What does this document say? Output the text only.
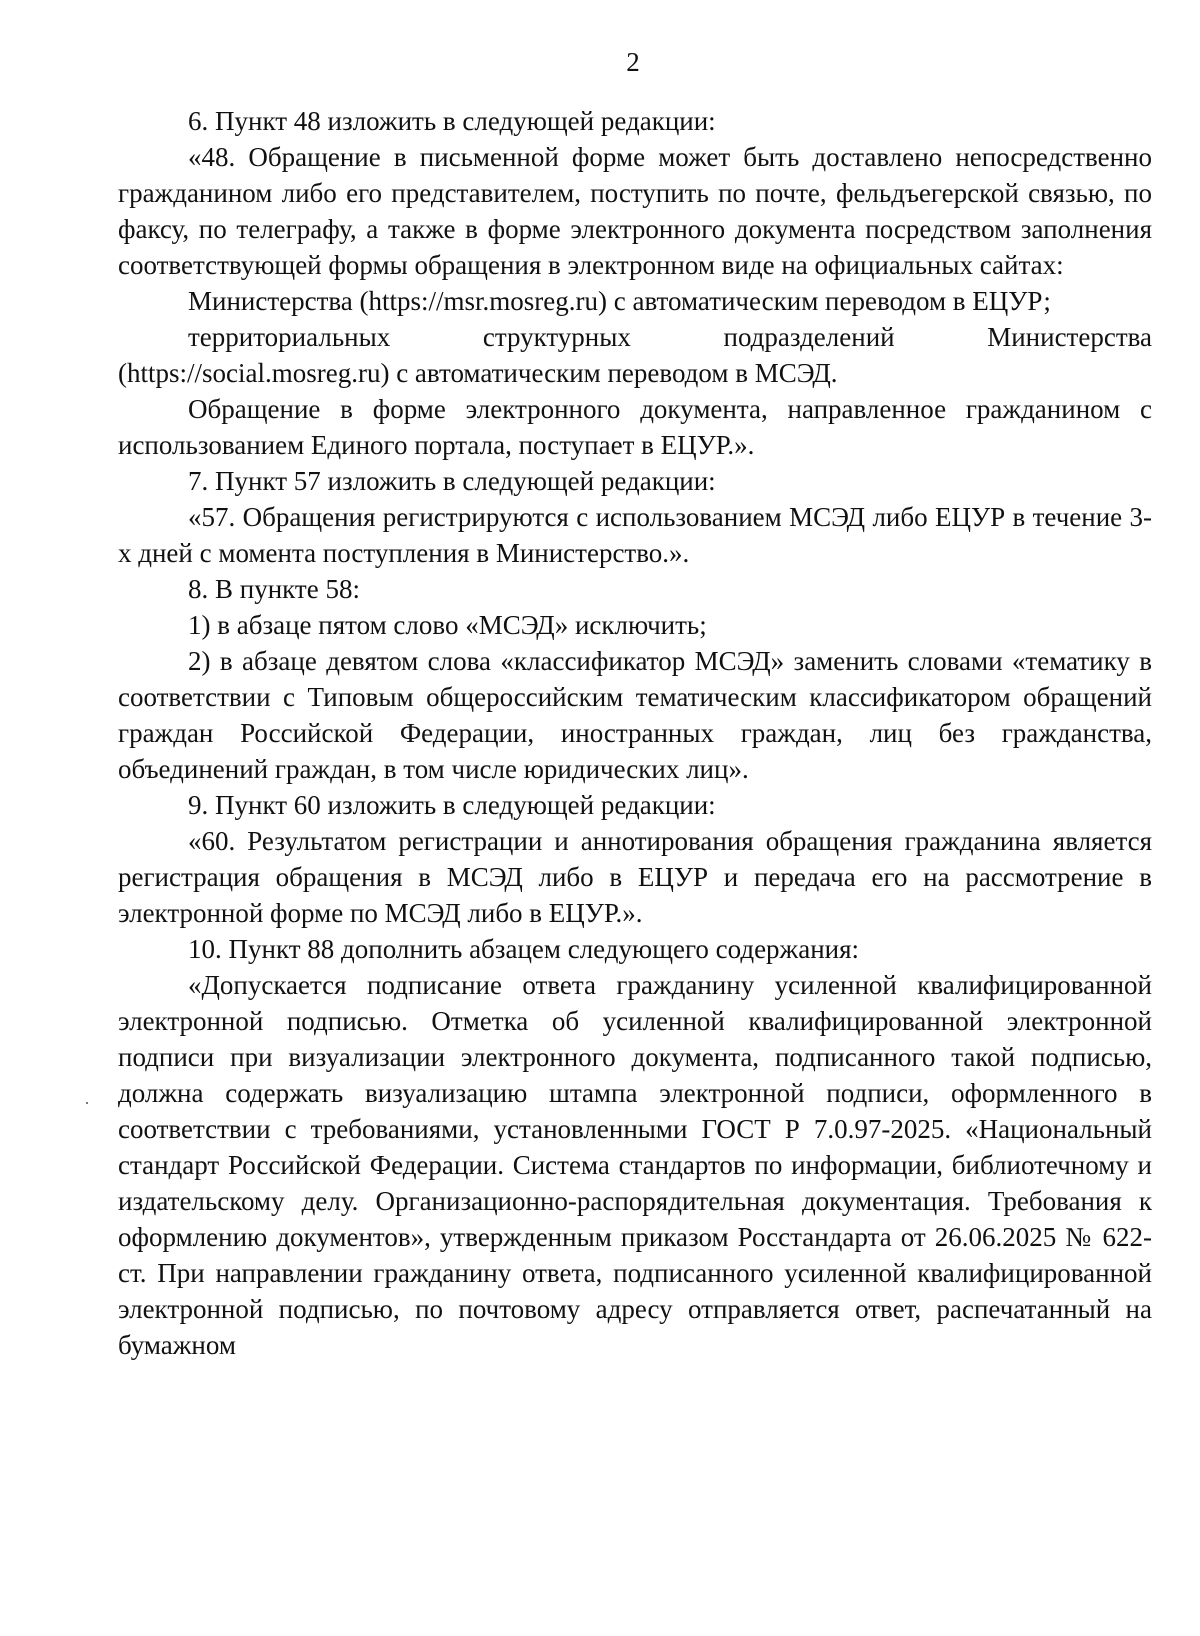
2

6. Пункт 48 изложить в следующей редакции:

«48. Обращение в письменной форме может быть доставлено непосредственно гражданином либо его представителем, поступить по почте, фельдъегерской связью, по факсу, по телеграфу, а также в форме электронного документа посредством заполнения соответствующей формы обращения в электронном виде на официальных сайтах:

Министерства (https://msr.mosreg.ru) с автоматическим переводом в ЕЦУР;

территориальных структурных подразделений Министерства (https://social.mosreg.ru) с автоматическим переводом в МСЭД.

Обращение в форме электронного документа, направленное гражданином с использованием Единого портала, поступает в ЕЦУР.».

7. Пункт 57 изложить в следующей редакции:

«57. Обращения регистрируются с использованием МСЭД либо ЕЦУР в течение 3-х дней с момента поступления в Министерство.».

8. В пункте 58:

1) в абзаце пятом слово «МСЭД» исключить;

2) в абзаце девятом слова «классификатор МСЭД» заменить словами «тематику в соответствии с Типовым общероссийским тематическим классификатором обращений граждан Российской Федерации, иностранных граждан, лиц без гражданства, объединений граждан, в том числе юридических лиц».

9. Пункт 60 изложить в следующей редакции:

«60. Результатом регистрации и аннотирования обращения гражданина является регистрация обращения в МСЭД либо в ЕЦУР и передача его на рассмотрение в электронной форме по МСЭД либо в ЕЦУР.».

10. Пункт 88 дополнить абзацем следующего содержания:

«Допускается подписание ответа гражданину усиленной квалифицированной электронной подписью. Отметка об усиленной квалифицированной электронной подписи при визуализации электронного документа, подписанного такой подписью, должна содержать визуализацию штампа электронной подписи, оформленного в соответствии с требованиями, установленными ГОСТ Р 7.0.97-2025. «Национальный стандарт Российской Федерации. Система стандартов по информации, библиотечному и издательскому делу. Организационно-распорядительная документация. Требования к оформлению документов», утвержденным приказом Росстандарта от 26.06.2025 № 622-ст. При направлении гражданину ответа, подписанного усиленной квалифицированной электронной подписью, по почтовому адресу отправляется ответ, распечатанный на бумажном
